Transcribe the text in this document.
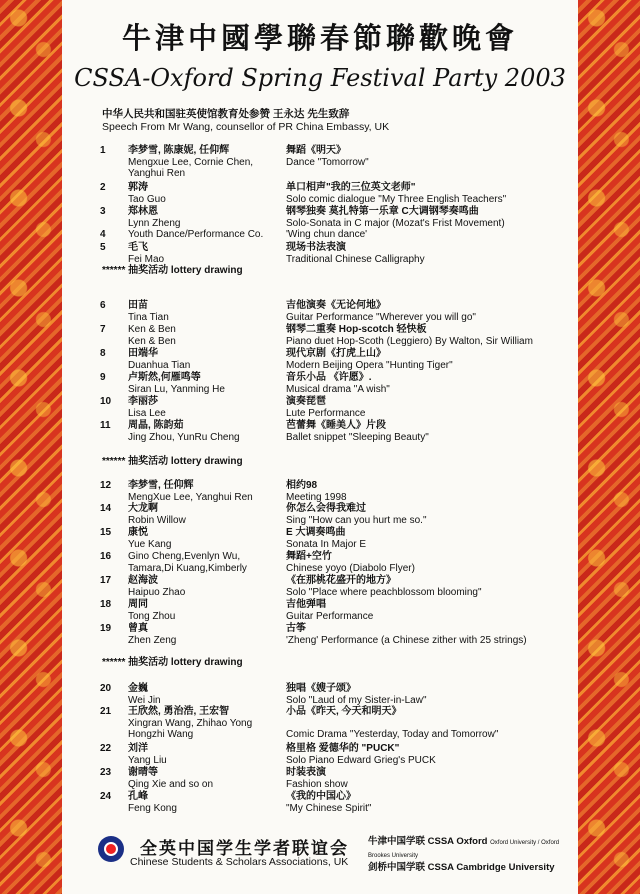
牛津中國學聯春節聯歡晚會
CSSA-Oxford Spring Festival Party 2003
中华人民共和国驻英使馆教育处参赞 王永达 先生致辞
Speech From Mr Wang, counsellor of PR China Embassy, UK
1	李梦雪, 陈康妮, 任仰辉
Mengxue Lee, Cornie Chen,
Yanghui Ren
舞蹈《明天》
Dance "Tomorrow"
2	郭涛
Tao Guo
单口相声"我的三位英文老师"
Solo comic dialogue "My Three English Teachers"
3	郑林恩
Lynn Zheng
钢琴独奏 莫扎特第一乐章 C大调钢琴奏鸣曲
Solo-Sonata in C major (Mozat's Frist Movement)
4	Youth Dance/Performance Co.	'Wing chun dance'
5	毛飞
Fei Mao
现场书法表演
Traditional Chinese Calligraphy
6	田苗
Tina Tian
吉他演奏《无论何地》
Guitar Performance "Wherever you will go"
7	Ken & Ben
Ken & Ben
钢琴二重奏 Hop-scotch 轻快板
Piano duet Hop-Scoth (Leggiero) By Walton, Sir William
8	田端华
Duanhua Tian
现代京剧《打虎上山》
Modern Beijing Opera "Hunting Tiger"
9	卢斯然,何雁鸣等
Siran Lu, Yanming He
音乐小品 《许愿》.
Musical drama "A wish"
10	李丽莎
Lisa Lee
演奏琵琶
Lute Performance
11	周晶, 陈韵茹
Jing Zhou, YunRu Cheng
芭蕾舞《睡美人》片段
Ballet snippet "Sleeping Beauty"
12	李梦雪, 任仰辉
MengXue Lee, Yanghui Ren
相约98
Meeting 1998
14	大龙啊
Robin Willow
你怎么会得我难过
Sing "How can you hurt me so."
15	康悦
Yue Kang
E 大调奏鸣曲
Sonata In Major E
16	Gino Cheng,Evenlyn Wu,
Tamara,Di Kuang,Kimberly
舞蹈+空竹
Chinese yoyo (Diabolo Flyer)
17	赵海波
Haipuo Zhao
《在那桃花盛开的地方》
Solo "Place where peachblossom blooming"
18	周同
Tong Zhou
吉他弹唱
Guitar Performance
19	曾真
Zhen Zeng
古筝
'Zheng' Performance (a Chinese zither with 25 strings)
20	金巍
Wei Jin
独唱《嫂子颂》
Solo "Laud of my Sister-in-Law"
21	王欣然, 勇治浩, 王宏智
Xingran Wang, Zhihao Yong
Hongzhi Wang
小品《昨天, 今天和明天》

Comic Drama "Yesterday, Today and Tomorrow"
22	刘洋
Yang Liu
格里格 爱德华的 "PUCK"
Solo Piano Edward Grieg's PUCK
23	谢晴等
Qing Xie and so on
时装表演
Fashion show
24	孔峰
Feng Kong
《我的中国心》
"My Chinese Spirit"
****** 抽奖活动 lottery drawing
****** 抽奖活动 lottery drawing
****** 抽奖活动 lottery drawing
全英中国学生学者联谊会
Chinese Students & Scholars Associations, UK
牛津中国学联 CSSA Oxford Oxford University / Oxford Brookes University
剑桥中国学联 CSSA Cambridge University
